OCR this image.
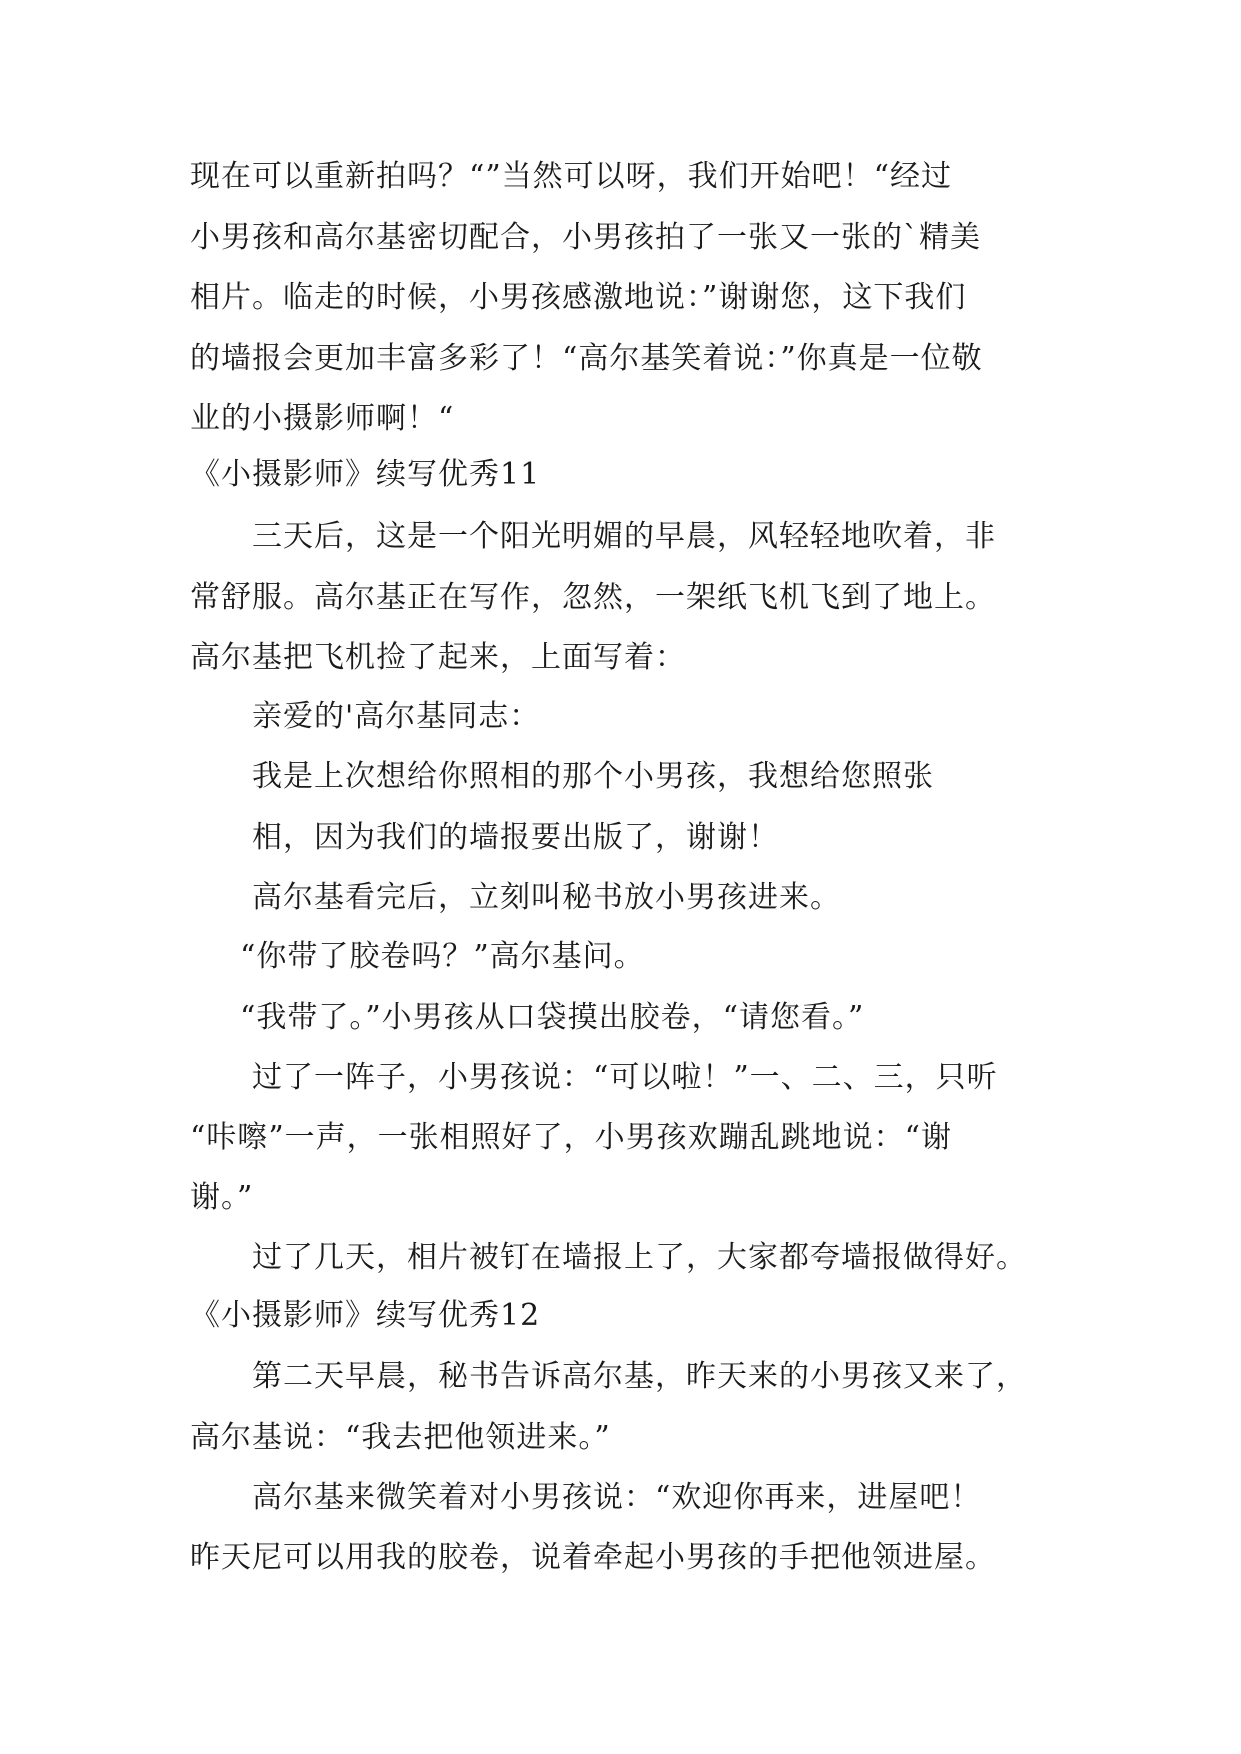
现在可以重新拍吗？“”当然可以呀，我们开始吧！“经过
小男孩和高尔基密切配合，小男孩拍了一张又一张的`精美
相片。临走的时候，小男孩感激地说：”谢谢您，这下我们
的墙报会更加丰富多彩了！“高尔基笑着说：”你真是一位敬
业的小摄影师啊！“
《小摄影师》续写优秀11
三天后，这是一个阳光明媚的早晨，风轻轻地吹着，非
常舒服。高尔基正在写作，忽然，一架纸飞机飞到了地上。
高尔基把飞机捡了起来，上面写着：
亲爱的'高尔基同志：
我是上次想给你照相的那个小男孩，我想给您照张
相，因为我们的墙报要出版了，谢谢！
高尔基看完后，立刻叫秘书放小男孩进来。
“你带了胶卷吗？”高尔基问。
“我带了。”小男孩从口袋摸出胶卷，“请您看。”
过了一阵子，小男孩说：“可以啦！”一、二、三，只听
“咔嚓”一声，一张相照好了，小男孩欢蹦乱跳地说：“谢
谢。”
过了几天，相片被钉在墙报上了，大家都夸墙报做得好。
《小摄影师》续写优秀12
第二天早晨，秘书告诉高尔基，昨天来的小男孩又来了，
高尔基说：“我去把他领进来。”
高尔基来微笑着对小男孩说：“欢迎你再来，进屋吧！
昨天尼可以用我的胶卷，说着牵起小男孩的手把他领进屋。
